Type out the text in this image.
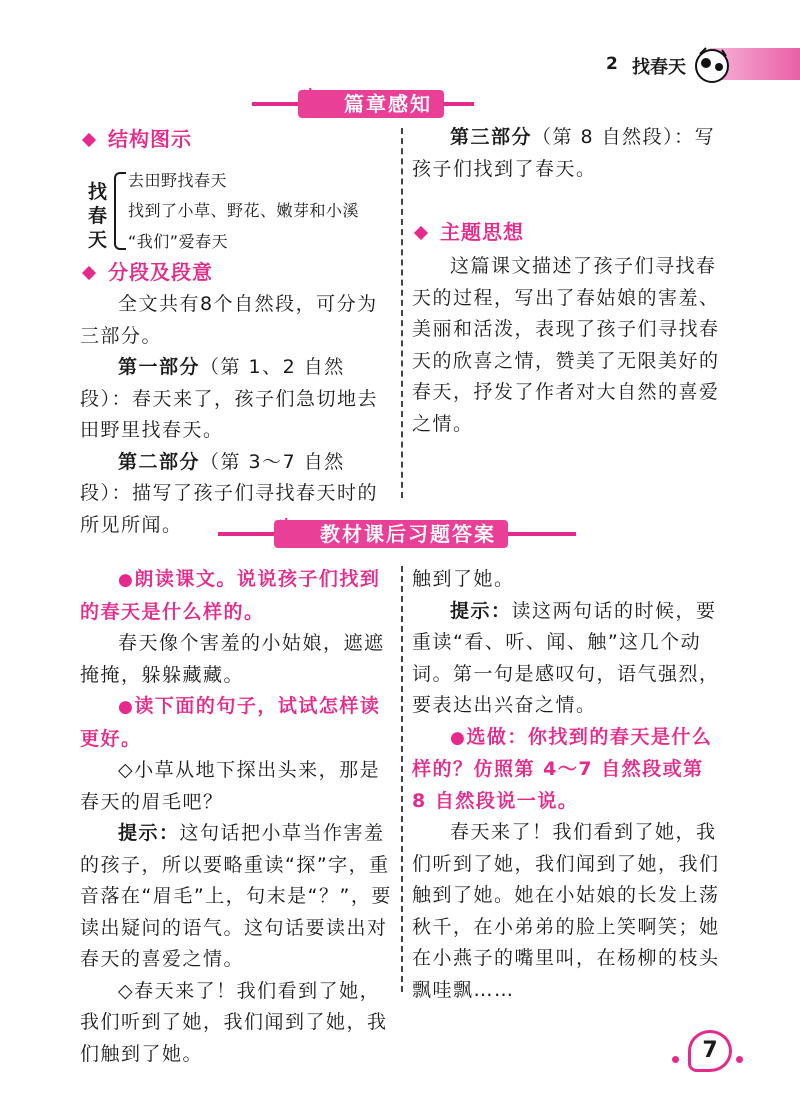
2 找春天
篇章感知
结构图示
找春天
去田野找春天
找到了小草、野花、嫩芽和小溪
“我们”爱春天
分段及段意

全文共有8个自然段，可分为三部分。

第一部分（第 1、2 自然段）：春天来了，孩子们急切地去田野里找春天。

第二部分（第 3～7 自然段）：描写了孩子们寻找春天时的所见所闻。

第三部分（第 8 自然段）：写孩子们找到了春天。

主题思想

这篇课文描述了孩子们寻找春天的过程，写出了春姑娘的害羞、美丽和活泼，表现了孩子们寻找春天的欣喜之情，赞美了无限美好的春天，抒发了作者对大自然的喜爱之情。

教材课后习题答案

●朗读课文。说说孩子们找到的春天是什么样的。

春天像个害羞的小姑娘，遮遮掩掩，躲躲藏藏。

●读下面的句子，试试怎样读更好。

◇小草从地下探出头来，那是春天的眉毛吧？

提示：这句话把小草当作害羞的孩子，所以要略重读“探”字，重音落在“眉毛”上，句末是“？”，要读出疑问的语气。这句话要读出对春天的喜爱之情。

◇春天来了！我们看到了她，我们听到了她，我们闻到了她，我们触到了她。

触到了她。

提示：读这两句话的时候，要重读“看、听、闻、触”这几个动词。第一句是感叹句，语气强烈，要表达出兴奋之情。

●选做：你找到的春天是什么样的？仿照第 4～7 自然段或第 8 自然段说一说。

春天来了！我们看到了她，我们听到了她，我们闻到了她，我们触到了她。她在小姑娘的长发上荡秋千，在小弟弟的脸上笑啊笑；她在小燕子的嘴里叫，在杨柳的枝头飘哇飘……

7
